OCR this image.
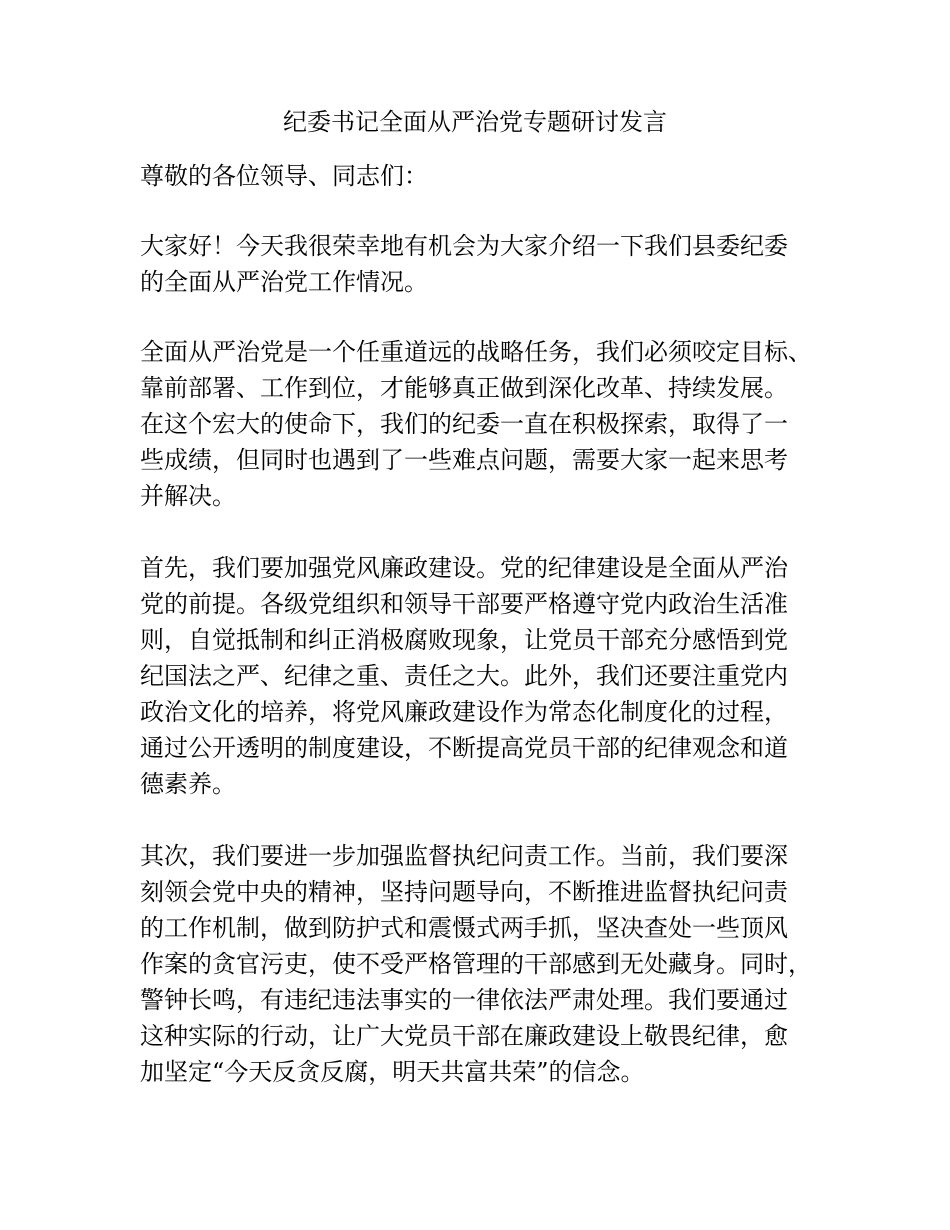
纪委书记全面从严治党专题研讨发言

尊敬的各位领导、同志们：

大家好！今天我很荣幸地有机会为大家介绍一下我们县委纪委

的全面从严治党工作情况。

全面从严治党是一个任重道远的战略任务，我们必须咬定目标、

靠前部署、工作到位，才能够真正做到深化改革、持续发展。

在这个宏大的使命下，我们的纪委一直在积极探索，取得了一

些成绩，但同时也遇到了一些难点问题，需要大家一起来思考

并解决。

首先，我们要加强党风廉政建设。党的纪律建设是全面从严治

党的前提。各级党组织和领导干部要严格遵守党内政治生活准

则，自觉抵制和纠正消极腐败现象，让党员干部充分感悟到党

纪国法之严、纪律之重、责任之大。此外，我们还要注重党内

政治文化的培养，将党风廉政建设作为常态化制度化的过程，

通过公开透明的制度建设，不断提高党员干部的纪律观念和道

德素养。

其次，我们要进一步加强监督执纪问责工作。当前，我们要深

刻领会党中央的精神，坚持问题导向，不断推进监督执纪问责

的工作机制，做到防护式和震慑式两手抓，坚决查处一些顶风

作案的贪官污吏，使不受严格管理的干部感到无处藏身。同时，

警钟长鸣，有违纪违法事实的一律依法严肃处理。我们要通过

这种实际的行动，让广大党员干部在廉政建设上敬畏纪律，愈

加坚定“今天反贪反腐，明天共富共荣”的信念。
